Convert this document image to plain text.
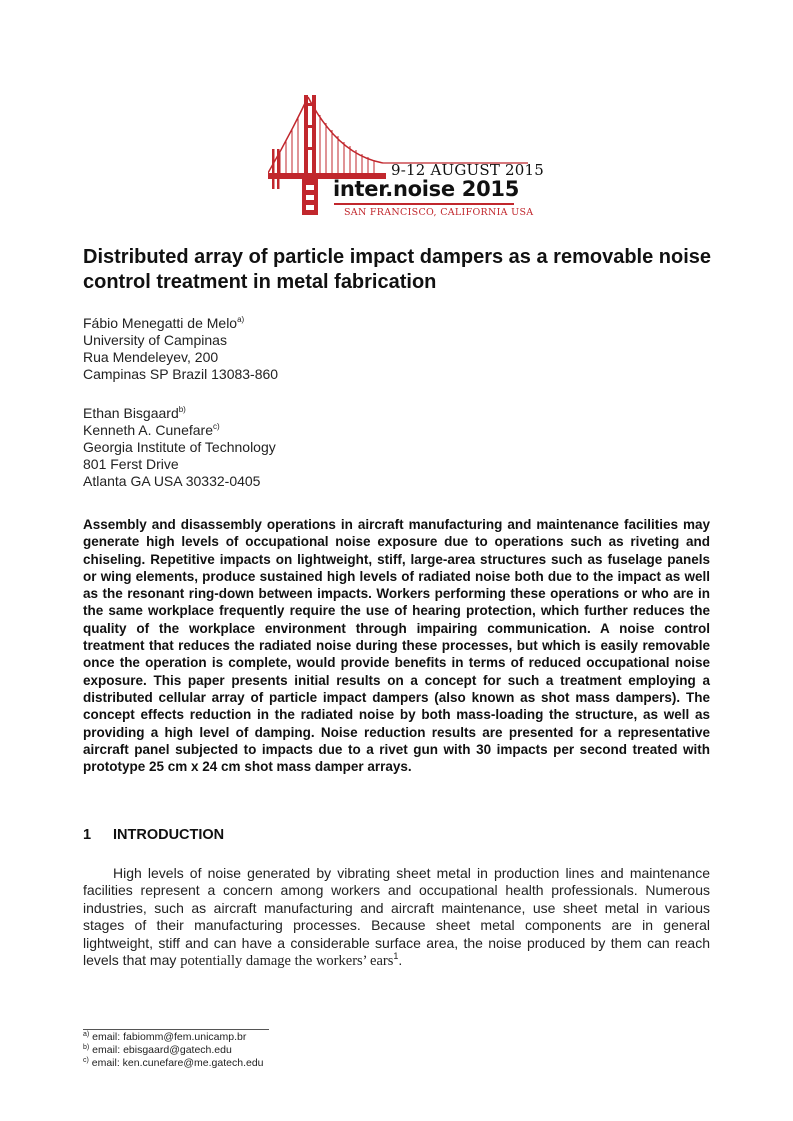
9-12 AUGUST 2015
inter.noise 2015
SAN FRANCISCO, CALIFORNIA USA
Distributed array of particle impact dampers as a removable noise control treatment in metal fabrication
Fábio Menegatti de Melo$^{a)}$
University of Campinas
Rua Mendeleyev, 200
Campinas SP Brazil 13083-860
Ethan Bisgaard$^{b)}$
Kenneth A. Cunefare$^{c)}$
Georgia Institute of Technology
801 Ferst Drive
Atlanta GA USA 30332-0405

Assembly and disassembly operations in aircraft manufacturing and maintenance facilities may generate high levels of occupational noise exposure due to operations such as riveting and chiseling. Repetitive impacts on lightweight, stiff, large-area structures such as fuselage panels or wing elements, produce sustained high levels of radiated noise both due to the impact as well as the resonant ring-down between impacts. Workers performing these operations or who are in the same workplace frequently require the use of hearing protection, which further reduces the quality of the workplace environment through impairing communication. A noise control treatment that reduces the radiated noise during these processes, but which is easily removable once the operation is complete, would provide benefits in terms of reduced occupational noise exposure. This paper presents initial results on a concept for such a treatment employing a distributed cellular array of particle impact dampers (also known as shot mass dampers). The concept effects reduction in the radiated noise by both mass-loading the structure, as well as providing a high level of damping. Noise reduction results are presented for a representative aircraft panel subjected to impacts due to a rivet gun with 30 impacts per second treated with prototype 25 cm x 24 cm shot mass damper arrays.

1 INTRODUCTION

High levels of noise generated by vibrating sheet metal in production lines and maintenance facilities represent a concern among workers and occupational health professionals. Numerous industries, such as aircraft manufacturing and aircraft maintenance, use sheet metal in various stages of their manufacturing processes. Because sheet metal components are in general lightweight, stiff and can have a considerable surface area, the noise produced by them can reach levels that may potentially damage the workers’ ears$^1$.

$^{a)}$ email: fabiomm@fem.unicamp.br
$^{b)}$ email: ebisgaard@gatech.edu
$^{c)}$ email: ken.cunefare@me.gatech.edu
